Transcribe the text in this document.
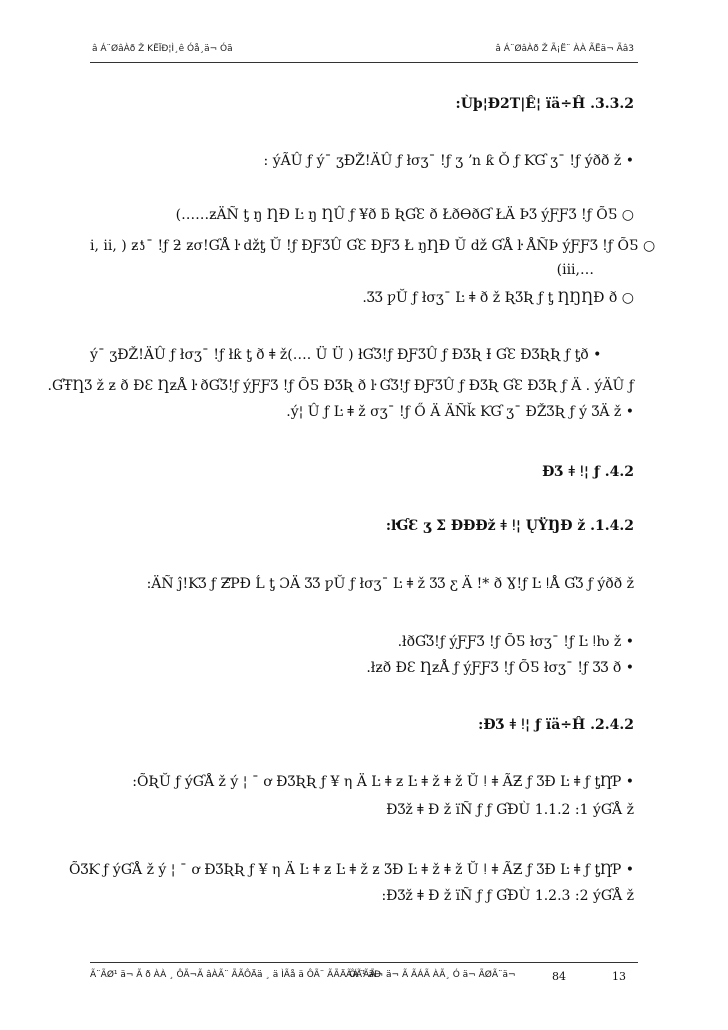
â Á¨ØâÀð Ž KËÏÐ¦Ì¸ê Óå¸ä¬ Óã	â Á¨ØâÀð Ž Ã¡Ë¨ ÀÀ ÃËä¬ Ãâ3
:Ùþ¦Ð2T|Ê¦ ïä÷Ĥ .3.3.2
: ýÃÛ ƒ ý¯ ʒÐŽ!ÄÛ ƒ łσʒ¯ !ƒ ʒ ʼn ƙ Ǒ ƒ ƘƓ ʒ¯ !ƒ ýðð ž •
(……ƶÄÑ ƫ ŋ ȠÐ Ŀ ŋ ȠÛ ƒ ¥ð ƃ ƦƓƐ ð ŁðƟðƓ ŁÄ ÞƷ ýƑƑƷ !ƒ ÕƼ ○
i, ii, ) ƶƾ¯ !ƒ ƻ ƶσ!ƓÅ ŀ ǆƫ Ŭ !ƒ ÐƑƷÛ ƓƐ ÐƑƷ Ł ŋȠÐ Ŭ ǆ ƓÅ ŀ ÅÑÞ ýƑƑƷ !ƒ ÕƼ ○
(iii,…
.ƷƷ ƿŬ ƒ łσʒ¯ Ŀ ǂ ð ž ƦƷƦ ƒ ƫ ȠŊȠÐ ð ○
ý¯ ʒÐŽ!ÄÛ ƒ łσʒ¯ !ƒ łƙ ƫ ð ǂ ž(…. Ü Ü ) łƓƷ!ƒ ÐƑƷÛ ƒ ÐƷƦ Ɨ ƓƐ ÐƷƦƦ ƒ ƫð •
.ƓŦȠƷ ž ƶ ð ÐƐ ȠƶÅ ŀ ðƓƷ!ƒ ýƑƑƷ !ƒ ÕƼ ÐƷƦ ð ŀ ƓƷ!ƒ ÐƑƷÛ ƒ ÐƷƦ ƓƐ ÐƷƦ ƒ Ä . ýÄÛ ƒ
.ý¦ Û ƒ Ŀ ǂ ž σʒ¯ !ƒ Ő Ä ÄÑǩ ƘƓ ʒ¯ ÐŽƷƦ ƒ ý ƷÄ ž •
ÐƷ ǂ ǃ¦ ƒ .4.2
:ŀƓƐ ʒ Ʃ ÐÐÐž ǂ ǃ¦ ŲŸŊÐ ž .1.4.2
:ÄÑ ĵ!ƘƷ ƒ ƵƤÐ Ĺ ƫ ƆÄ ƷƷ ƿŬ ƒ łσʒ¯ Ŀ ǂ ž ƷƷ ƹ Ä !* ð Ɣ!ƒ Ŀ ǃÅ ƓƷ ƒ ýðð ž
.łðƓƷ!ƒ ýƑƑƷ !ƒ ÕƼ łσʒ¯ !ƒ Ŀ ǃƕ ž •
.łƶð ÐƐ ȠƶÅ ƒ ýƑƑƷ !ƒ ÕƼ łσʒ¯ !ƒ ƷƷ ð •
:ÐƷ ǂ ǃ¦ ƒ ïä÷Ĥ .2.4.2
:ÕƦŬ ƒ ýƓÅ ž ý ¦ ¯ ơ ÐƷƦƦ ƒ ¥ η Ä Ŀ ǂ ƶ Ŀ ǂ ž ǂ ž Ŭ ǃ ǂ ÃƵ ƒ ƷÐ Ŀ ǂ ƒ ƫȠƤ •
ÐƷž ǂ Ð ž ïÑ ƒ ƒ ƓÐÙ 1.1.2 :1 ýƓÅ ž
ÕƷƘ ƒ ýƓÅ ž ý ¦ ¯ ơ ÐƷƦƦ ƒ ¥ η Ä Ŀ ǂ ƶ Ŀ ǂ ž ƶ ƷÐ Ŀ ǂ ž ǂ ž Ŭ ǃ ǂ ÃƵ ƒ ƷÐ Ŀ ǂ ƒ ƫȠƤ •
:ÐƷž ǂ Ð ž ïÑ ƒ ƒ ƓÐÙ 1.2.3 :2 ýƓÅ ž
Ã¨ÃØ¹ ä¬ Ã ð ÀÀ ¸ ÔÃ¬Ã âÀÃ¨ ÃÃÔÄä ¸ ä ÌÃå ä ÔÃ¨ ÃÃÄ ÔÃ¹ ãÐ
ÃÁ¨ÃÃ¬ ä¬ Ã ÃÁÃ ÀÃ¸ Ó ä¬ ÃØÃ¨ä¬	84	13
